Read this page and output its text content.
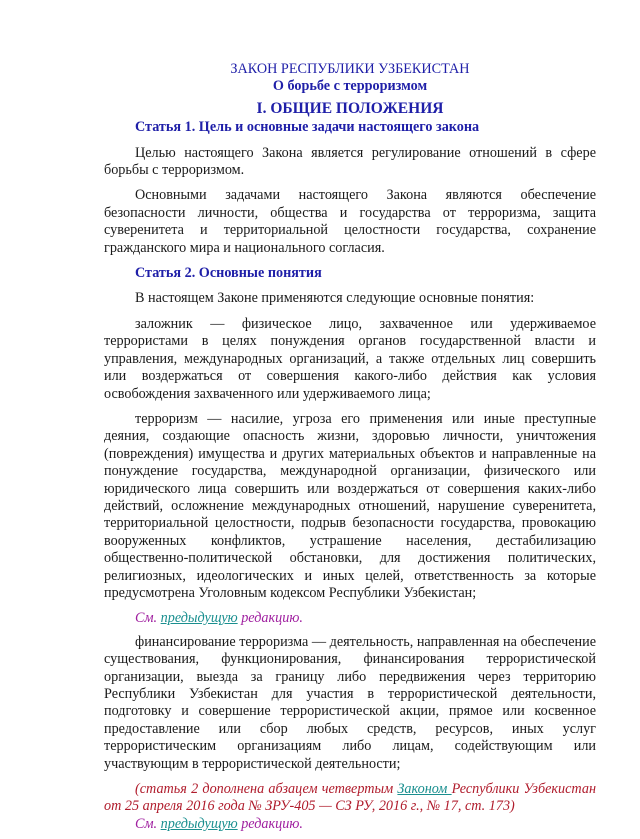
ЗАКОН РЕСПУБЛИКИ УЗБЕКИСТАН
О борьбе с терроризмом
I. ОБЩИЕ ПОЛОЖЕНИЯ
Статья 1. Цель и основные задачи настоящего закона

Целью настоящего Закона является регулирование отношений в сфере борьбы с терроризмом.

Основными задачами настоящего Закона являются обеспечение безопасности личности, общества и государства от терроризма, защита суверенитета и территориальной целостности государства, сохранение гражданского мира и национального согласия.

Статья 2. Основные понятия

В настоящем Законе применяются следующие основные понятия:

заложник — физическое лицо, захваченное или удерживаемое террористами в целях понуждения органов государственной власти и управления, международных организаций, а также отдельных лиц совершить или воздержаться от совершения какого-либо действия как условия освобождения захваченного или удерживаемого лица;

терроризм — насилие, угроза его применения или иные преступные деяния, создающие опасность жизни, здоровью личности, уничтожения (повреждения) имущества и других материальных объектов и направленные на понуждение государства, международной организации, физического или юридического лица совершить или воздержаться от совершения каких-либо действий, осложнение международных отношений, нарушение суверенитета, территориальной целостности, подрыв безопасности государства, провокацию вооруженных конфликтов, устрашение населения, дестабилизацию общественно-политической обстановки, для достижения политических, религиозных, идеологических и иных целей, ответственность за которые предусмотрена Уголовным кодексом Республики Узбекистан;

См. предыдущую редакцию.

финансирование терроризма — деятельность, направленная на обеспечение существования, функционирования, финансирования террористической организации, выезда за границу либо передвижения через территорию Республики Узбекистан для участия в террористической деятельности, подготовку и совершение террористической акции, прямое или косвенное предоставление или сбор любых средств, ресурсов, иных услуг террористическим организациям либо лицам, содействующим или участвующим в террористической деятельности;

(статья 2 дополнена абзацем четвертым Законом Республики Узбекистан от 25 апреля 2016 года № ЗРУ-405 — СЗ РУ, 2016 г., № 17, ст. 173)
См. предыдущую редакцию.
